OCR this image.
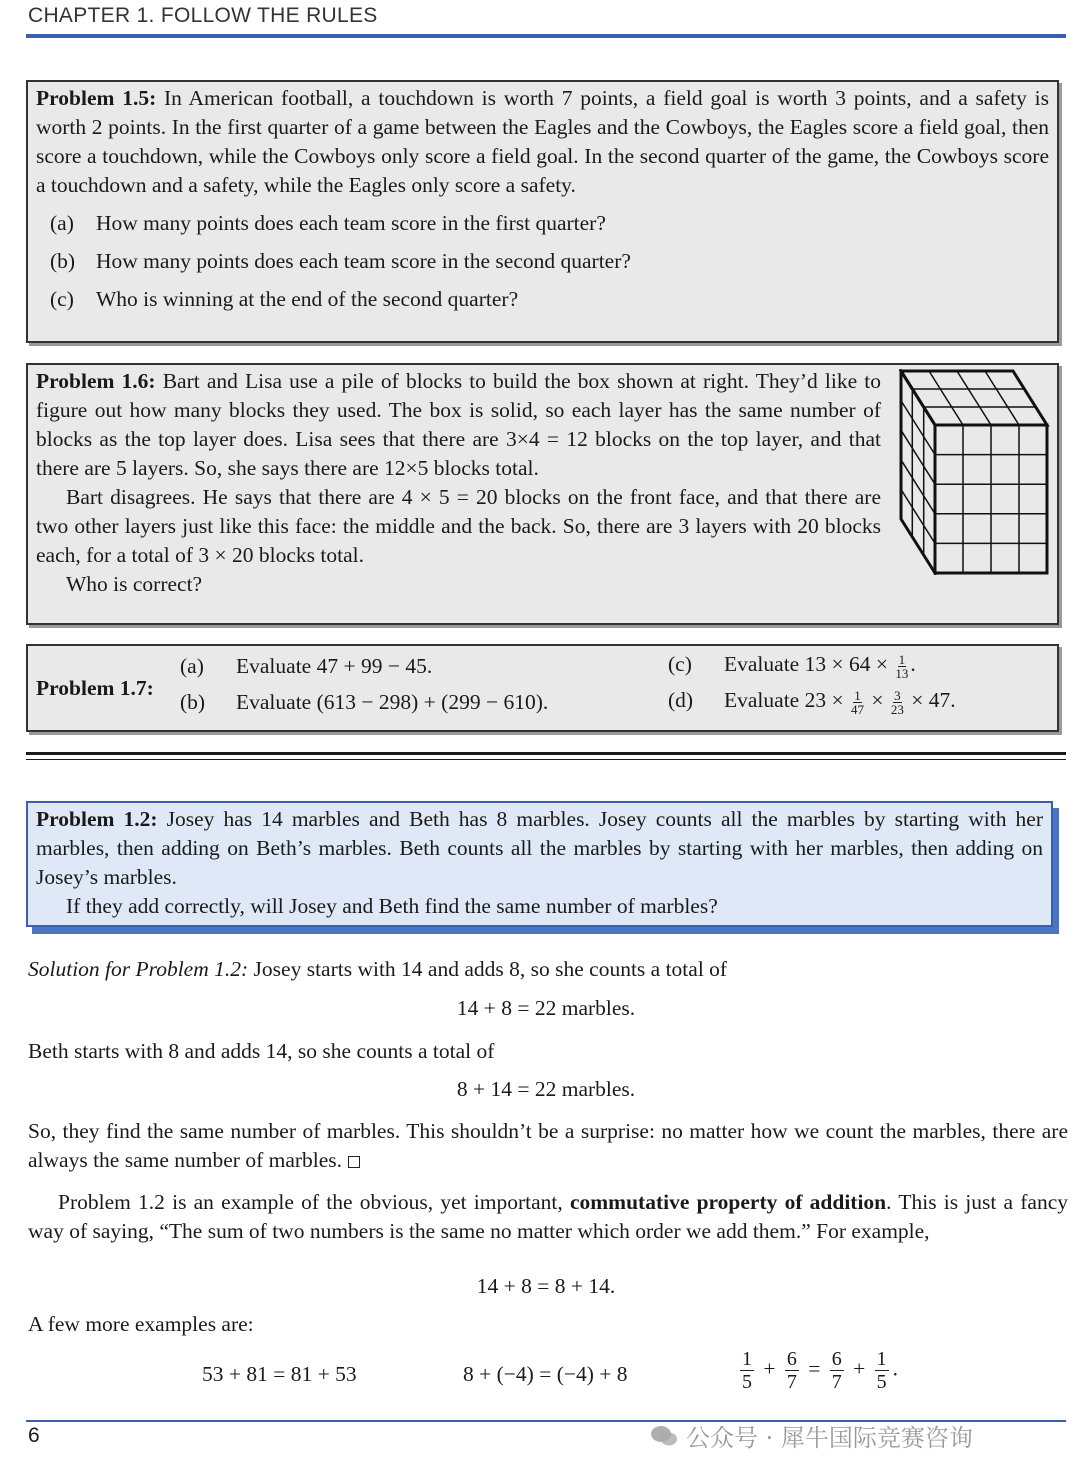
CHAPTER 1. FOLLOW THE RULES

Problem 1.5: In American football, a touchdown is worth 7 points, a field goal is worth 3 points, and a safety is worth 2 points. In the first quarter of a game between the Eagles and the Cowboys, the Eagles score a field goal, then score a touchdown, while the Cowboys only score a field goal. In the second quarter of the game, the Cowboys score a touchdown and a safety, while the Eagles only score a safety.

(a)	How many points does each team score in the first quarter?
(b) How many points does each team score in the second quarter?
(c)	Who is winning at the end of the second quarter?

Problem 1.6: Bart and Lisa use a pile of blocks to build the box shown at right. They’d like to figure out how many blocks they used. The box is solid, so each layer has the same number of blocks as the top layer does. Lisa sees that there are 3×4 = 12 blocks on the top layer, and that there are 5 layers. So, she says there are 12×5 blocks total.

Bart disagrees. He says that there are 4 × 5 = 20 blocks on the front face, and that there are two other layers just like this face: the middle and the back. So, there are 3 layers with 20 blocks each, for a total of 3 × 20 blocks total.

Who is correct?

Problem 1.7:
(a) Evaluate 47 + 99 − 45.
(b) Evaluate (613 − 298) + (299 − 610).
(c) Evaluate $13 \times 64 \times \frac{1}{13}$ .
(d) Evaluate $23 \times \frac{1}{47} \times \frac{3}{23} \times 47$.

Problem 1.2: Josey has 14 marbles and Beth has 8 marbles. Josey counts all the marbles by starting with her marbles, then adding on Beth’s marbles. Beth counts all the marbles by starting with her marbles, then adding on Josey’s marbles.

If they add correctly, will Josey and Beth find the same number of marbles?

Solution for Problem 1.2: Josey starts with 14 and adds 8, so she counts a total of
14 + 8 = 22 marbles.
Beth starts with 8 and adds 14, so she counts a total of
8 + 14 = 22 marbles.
So, they find the same number of marbles. This shouldn’t be a surprise: no matter how we count the marbles, there are always the same number of marbles.
Problem 1.2 is an example of the obvious, yet important, commutative property of addition. This is just a fancy way of saying, “The sum of two numbers is the same no matter which order we add them.” For example,
14 + 8 = 8 + 14.
A few more examples are:
53 + 81 = 81 + 53	8 + (−4) = (−4) + 8	$\frac{1}{5} + \frac{6}{7} = \frac{6}{7} + \frac{1}{5}$ .
6	公众号 · 犀牛国际竞赛咨询
